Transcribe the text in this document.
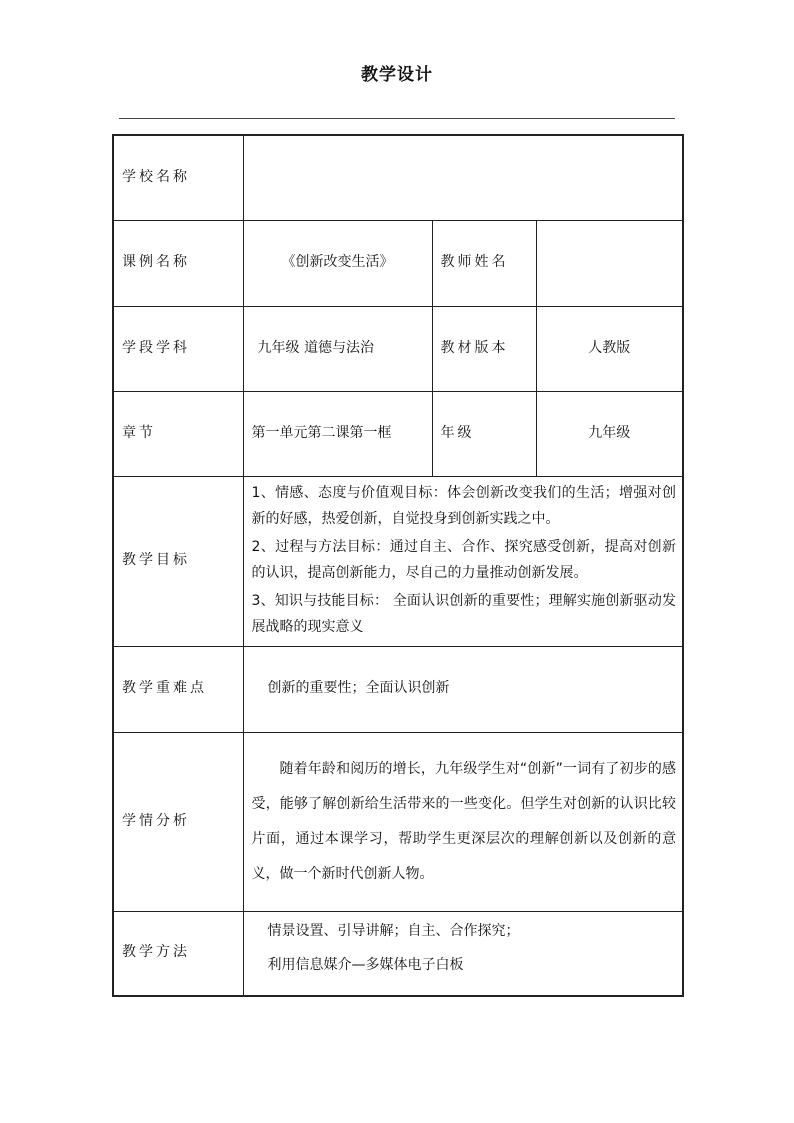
教学设计
学校名称			
课例名称	《创新改变生活》	教师姓名	
学段学科	九年级 道德与法治	教材版本	人教版
章节	第一单元第二课第一框	年级	九年级
教学目标	1、情感、态度与价值观目标：体会创新改变我们的生活；增强对创新的好感，热爱创新，自觉投身到创新实践之中。

2、过程与方法目标：通过自主、合作、探究感受创新，提高对创新的认识，提高创新能力，尽自己的力量推动创新发展。

3、知识与技能目标： 全面认识创新的重要性；理解实施创新驱动发展战略的现实意义		

教学重难点	创新的重要性；全面认识创新		
学情分析	随着年龄和阅历的增长，九年级学生对“创新”一词有了初步的感受，能够了解创新给生活带来的一些变化。但学生对创新的认识比较片面，通过本课学习，帮助学生更深层次的理解创新以及创新的意义，做一个新时代创新人物。		

教学方法	情景设置、引导讲解；自主、合作探究；
利用信息媒介—多媒体电子白板		
